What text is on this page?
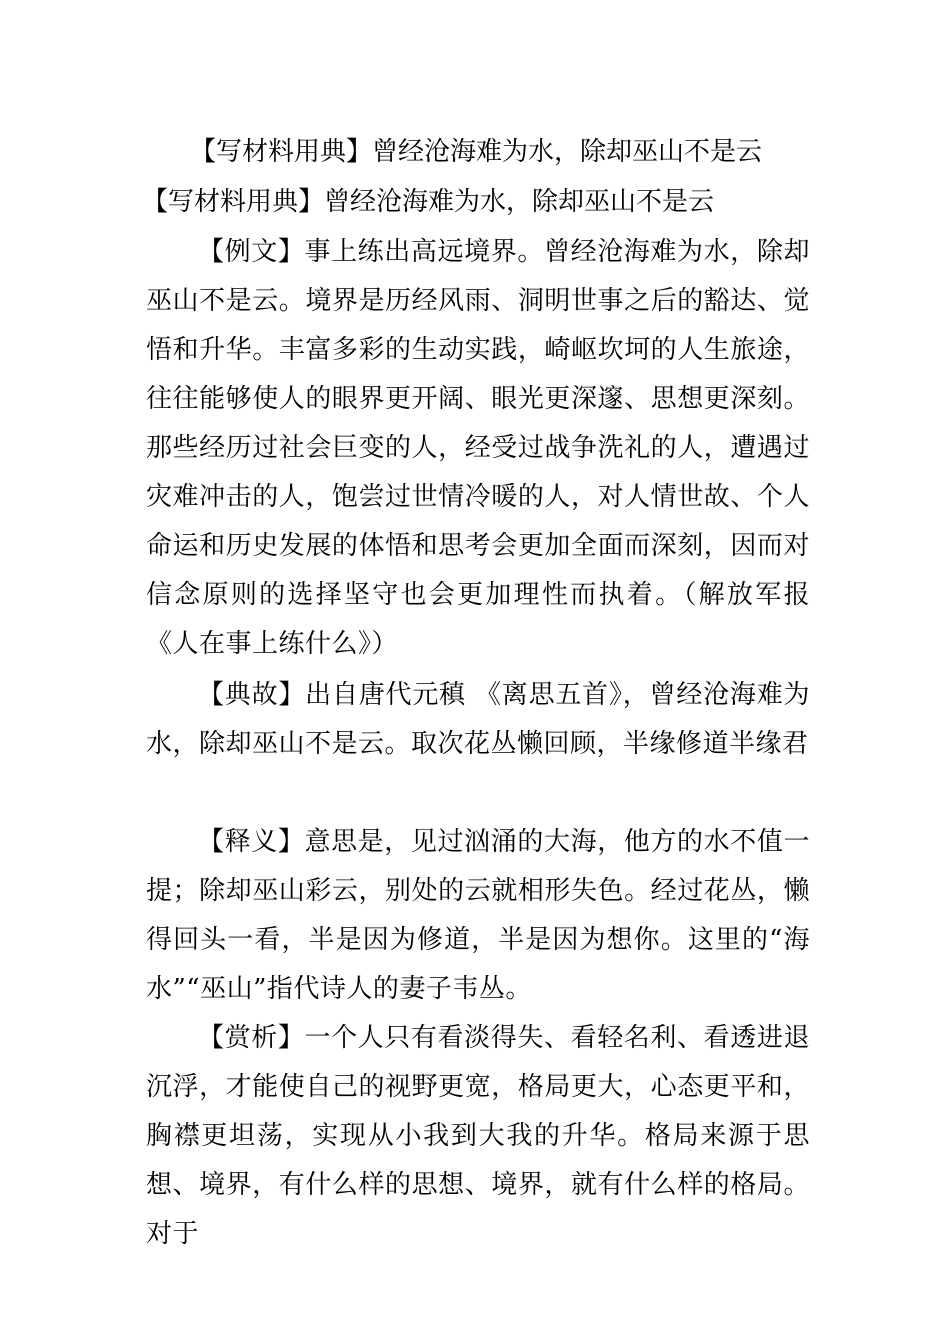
【写材料用典】曾经沧海难为水，除却巫山不是云
【写材料用典】曾经沧海难为水，除却巫山不是云
【例文】事上练出高远境界。曾经沧海难为水，除却巫山不是云。境界是历经风雨、洞明世事之后的豁达、觉悟和升华。丰富多彩的生动实践，崎岖坎坷的人生旅途，往往能够使人的眼界更开阔、眼光更深邃、思想更深刻。那些经历过社会巨变的人，经受过战争洗礼的人，遭遇过灾难冲击的人，饱尝过世情冷暖的人，对人情世故、个人命运和历史发展的体悟和思考会更加全面而深刻，因而对信念原则的选择坚守也会更加理性而执着。（解放军报《人在事上练什么》）
【典故】出自唐代元稹 《离思五首》，曾经沧海难为水，除却巫山不是云。取次花丛懒回顾，半缘修道半缘君
【释义】意思是，见过汹涌的大海，他方的水不值一提；除却巫山彩云，别处的云就相形失色。经过花丛，懒得回头一看，半是因为修道，半是因为想你。这里的“海水”“巫山”指代诗人的妻子韦丛。
【赏析】一个人只有看淡得失、看轻名利、看透进退沉浮，才能使自己的视野更宽，格局更大，心态更平和，胸襟更坦荡，实现从小我到大我的升华。格局来源于思想、境界，有什么样的思想、境界，就有什么样的格局。对于
